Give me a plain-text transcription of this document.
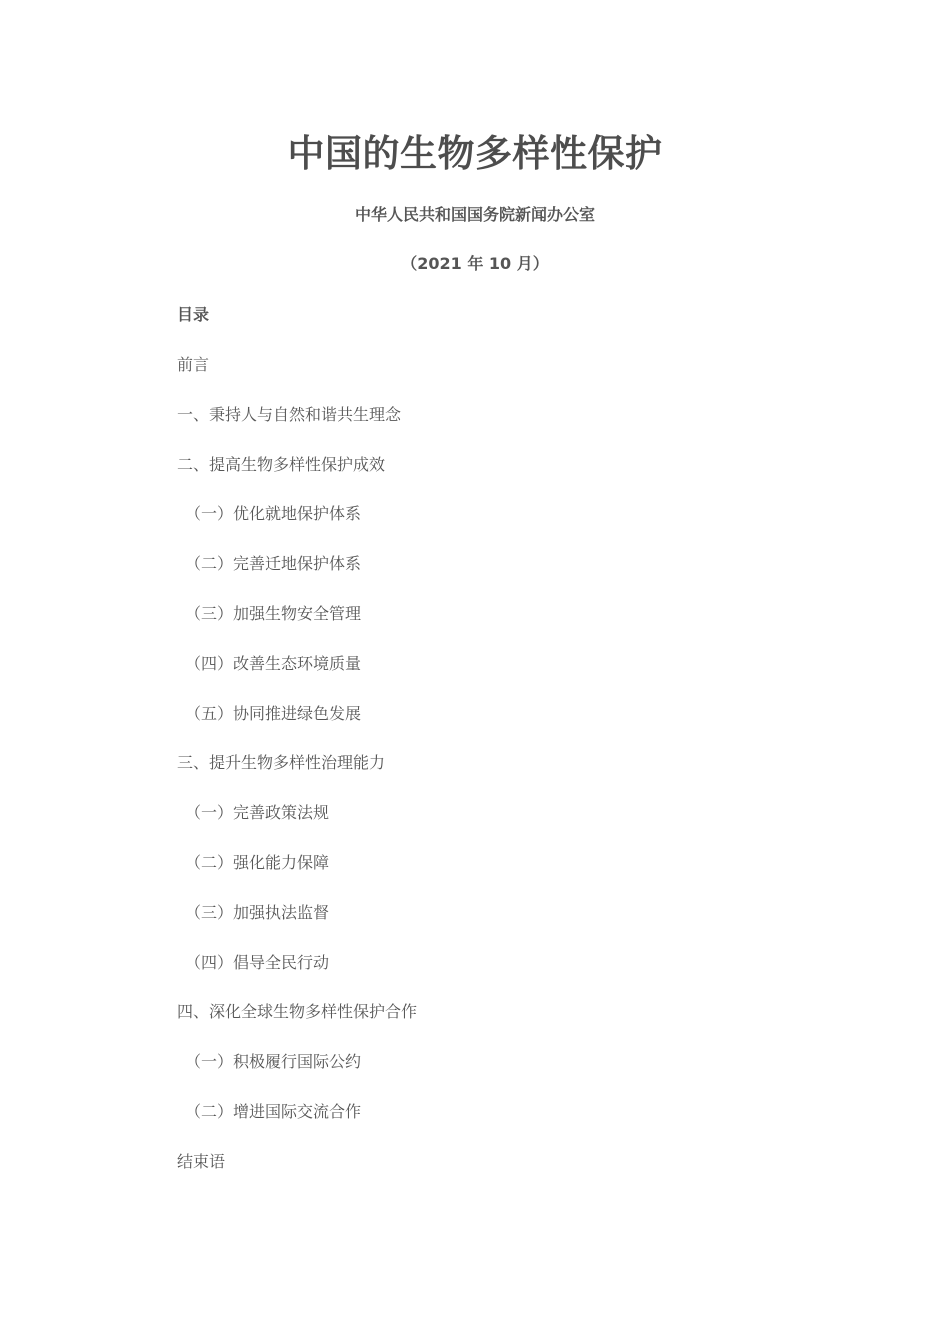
中国的生物多样性保护
中华人民共和国国务院新闻办公室
（2021 年 10 月）
目录
前言
一、秉持人与自然和谐共生理念
二、提高生物多样性保护成效
（一）优化就地保护体系
（二）完善迁地保护体系
（三）加强生物安全管理
（四）改善生态环境质量
（五）协同推进绿色发展
三、提升生物多样性治理能力
（一）完善政策法规
（二）强化能力保障
（三）加强执法监督
（四）倡导全民行动
四、深化全球生物多样性保护合作
（一）积极履行国际公约
（二）增进国际交流合作
结束语
